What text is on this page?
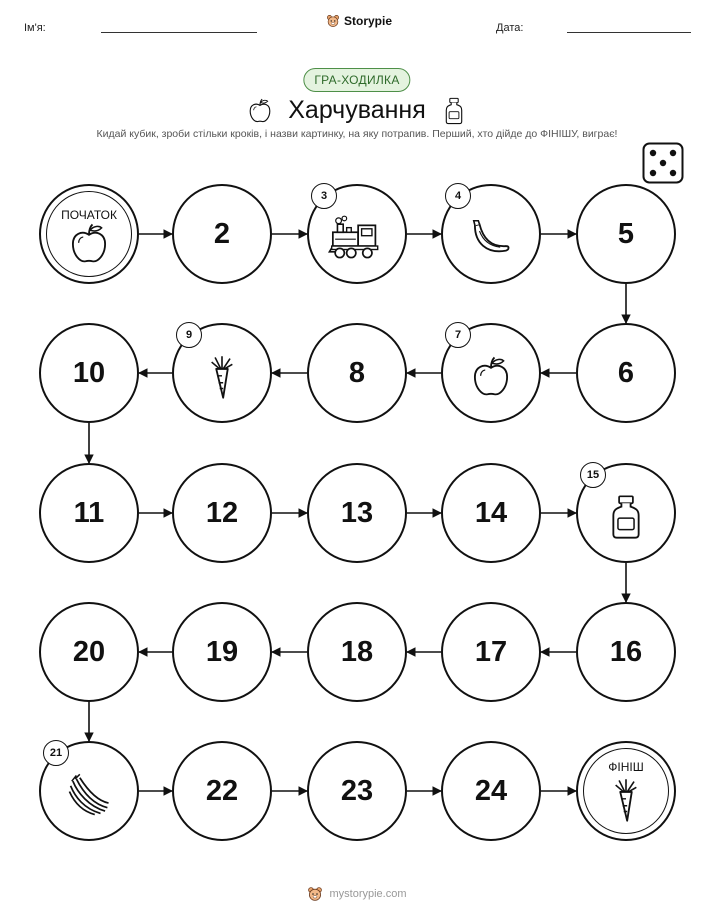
Ім'я:	Storypie	Дата:
ГРА-ХОДИЛКА
Харчування
Кидай кубик, зроби стільки кроків, і назви картинку, на яку потрапив. Перший, хто дійде до ФІНІШУ, виграє!
ПОЧАТОК
2
3	4
5
6
7
8
9
10
11	12	13	14
15
16
17
18
19
20
21
22	23	24
ФІНІШ
mystorypie.com
